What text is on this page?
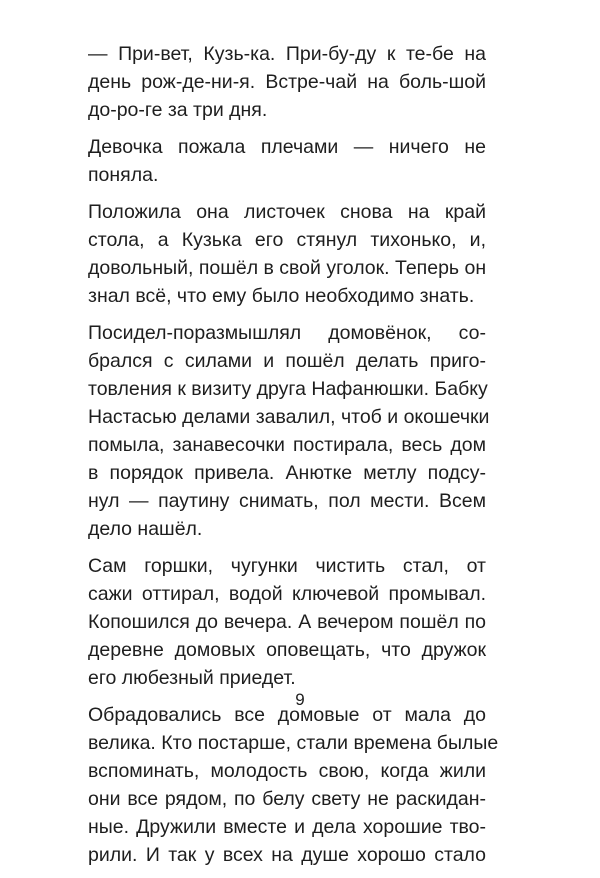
— При-вет, Кузь-ка. При-бу-ду к те-бе на
день рож-де-ни-я. Встре-чай на боль-шой
до-ро-ге за три дня.

Девочка пожала плечами — ничего не
поняла.

Положила она листочек снова на край
стола, а Кузька его стянул тихонько, и,
довольный, пошёл в свой уголок. Теперь он
знал всё, что ему было необходимо знать.

Посидел-поразмышлял домовёнок, со-
брался с силами и пошёл делать приго-
товления к визиту друга Нафанюшки. Бабку
Настасью делами завалил, чтоб и окошечки
помыла, занавесочки постирала, весь дом
в порядок привела. Анютке метлу подсу-
нул — паутину снимать, пол мести. Всем
дело нашёл.

Сам горшки, чугунки чистить стал, от
сажи оттирал, водой ключевой промывал.
Копошился до вечера. А вечером пошёл по
деревне домовых оповещать, что дружок
его любезный приедет.

Обрадовались все домовые от мала до
велика. Кто постарше, стали времена былые
вспоминать, молодость свою, когда жили
они все рядом, по белу свету не раскидан-
ные. Дружили вместе и дела хорошие тво-
рили. И так у всех на душе хорошо стало

9
